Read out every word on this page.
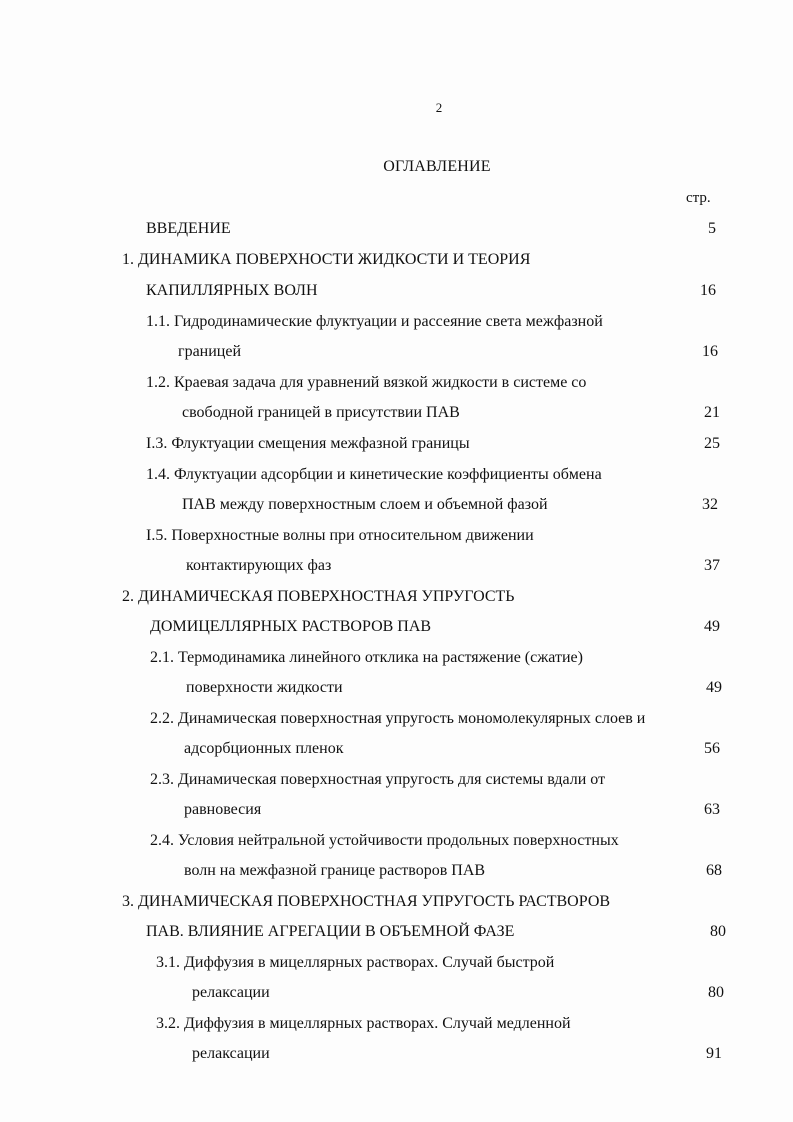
2
ОГЛАВЛЕНИЕ
стр.
ВВЕДЕНИЕ	5
1. ДИНАМИКА ПОВЕРХНОСТИ ЖИДКОСТИ И ТЕОРИЯ
КАПИЛЛЯРНЫХ ВОЛН	16
1.1. Гидродинамические флуктуации и рассеяние света межфазной
границей	16
1.2. Краевая задача для уравнений вязкой жидкости в системе со
свободной границей в присутствии ПАВ	21
I.3. Флуктуации смещения межфазной границы	25
1.4. Флуктуации адсорбции и кинетические коэффициенты обмена
ПАВ между поверхностным слоем и объемной фазой	32
I.5. Поверхностные волны при относительном движении
контактирующих фаз	37
2. ДИНАМИЧЕСКАЯ ПОВЕРХНОСТНАЯ УПРУГОСТЬ
ДОМИЦЕЛЛЯРНЫХ РАСТВОРОВ ПАВ	49
2.1. Термодинамика линейного отклика на растяжение (сжатие)
поверхности жидкости	49
2.2. Динамическая поверхностная упругость мономолекулярных слоев и
адсорбционных пленок	56
2.3. Динамическая поверхностная упругость для системы вдали от
равновесия	63
2.4. Условия нейтральной устойчивости продольных поверхностных
волн на межфазной границе растворов ПАВ	68
3. ДИНАМИЧЕСКАЯ ПОВЕРХНОСТНАЯ УПРУГОСТЬ РАСТВОРОВ
ПАВ. ВЛИЯНИЕ АГРЕГАЦИИ В ОБЪЕМНОЙ ФАЗЕ	80
3.1. Диффузия в мицеллярных растворах. Случай быстрой
релаксации	80
3.2. Диффузия в мицеллярных растворах. Случай медленной
релаксации	91
